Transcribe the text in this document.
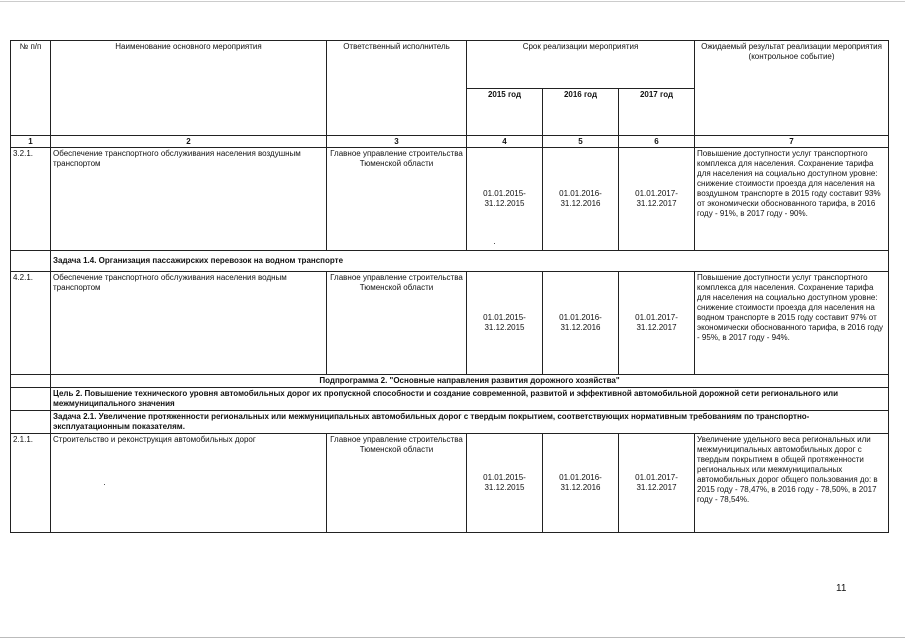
№ п/п	Наименование основного мероприятия	Ответственный исполнитель	Срок реализации мероприятия			Ожидаемый результат реализации мероприятия (контрольное событие)
			2015 год	2016 год	2017 год	
1	2	3	4	5	6	7
3.2.1.	Обеспечение транспортного обслуживания населения воздушным транспортом	Главное управление строительства Тюменской области	01.01.2015-
31.12.2015	01.01.2016-
31.12.2016	01.01.2017-
31.12.2017	Повышение доступности услуг транспортного комплекса для населения. Сохранение тарифа для населения на социально доступном уровне: снижение стоимости проезда для населения на воздушном транспорте в 2015 году составит 93% от экономически обоснованного тарифа, в 2016 году - 91%, в 2017 году - 90%.
	Задача 1.4. Организация пассажирских перевозок на водном транспорте					
4.2.1.	Обеспечение транспортного обслуживания населения водным транспортом	Главное управление строительства Тюменской области	01.01.2015-
31.12.2015	01.01.2016-
31.12.2016	01.01.2017-
31.12.2017	Повышение доступности услуг транспортного комплекса для населения. Сохранение тарифа для населения на социально доступном уровне: снижение стоимости проезда для населения на водном транспорте в 2015 году составит 97% от экономически обоснованного тарифа, в 2016 году - 95%, в 2017 году - 94%.
	Подпрограмма 2. "Основные направления развития дорожного хозяйства"					
	Цель 2. Повышение технического уровня автомобильных дорог их пропускной способности и создание современной, развитой и эффективной автомобильной дорожной сети регионального или межмуниципального значения					
	Задача 2.1. Увеличение протяженности региональных или межмуниципальных автомобильных дорог с твердым покрытием, соответствующих нормативным требованиям по транспортно-эксплуатационным показателям.					
2.1.1.	Строительство и реконструкция автомобильных дорог	Главное управление строительства Тюменской области	01.01.2015-
31.12.2015	01.01.2016-
31.12.2016	01.01.2017-
31.12.2017	Увеличение удельного веса региональных или межмуниципальных автомобильных дорог с твердым покрытием в общей протяженности региональных или межмуниципальных автомобильных дорог общего пользования до: в 2015 году - 78,47%, в 2016 году - 78,50%, в 2017 году - 78,54%.
11
